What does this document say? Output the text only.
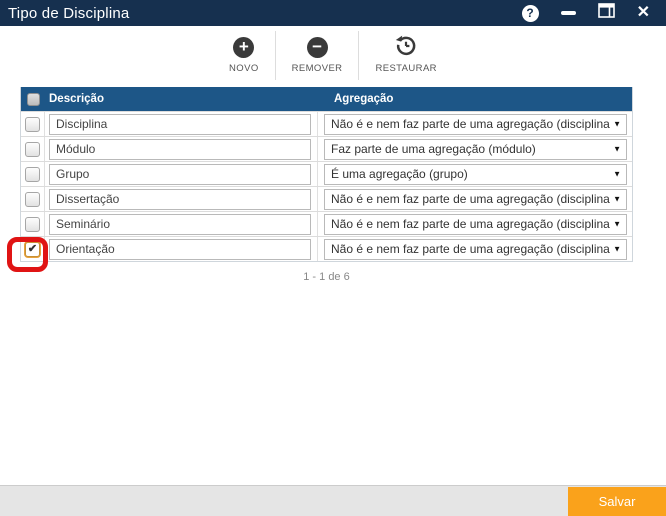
Tipo de Disciplina	?	✕
+
NOVO
−
REMOVER	RESTAURAR
Descrição	Agregação
Disciplina	Não é e nem faz parte de uma agregação (disciplina ▼
Módulo	Faz parte de uma agregação (módulo)	▼
Grupo	É uma agregação (grupo)	▼
Dissertação	Não é e nem faz parte de uma agregação (disciplina ▼
Seminário	Não é e nem faz parte de uma agregação (disciplina ▼
✔	Orientação	Não é e nem faz parte de uma agregação (disciplina ▼
1 - 1 de 6
Salvar
